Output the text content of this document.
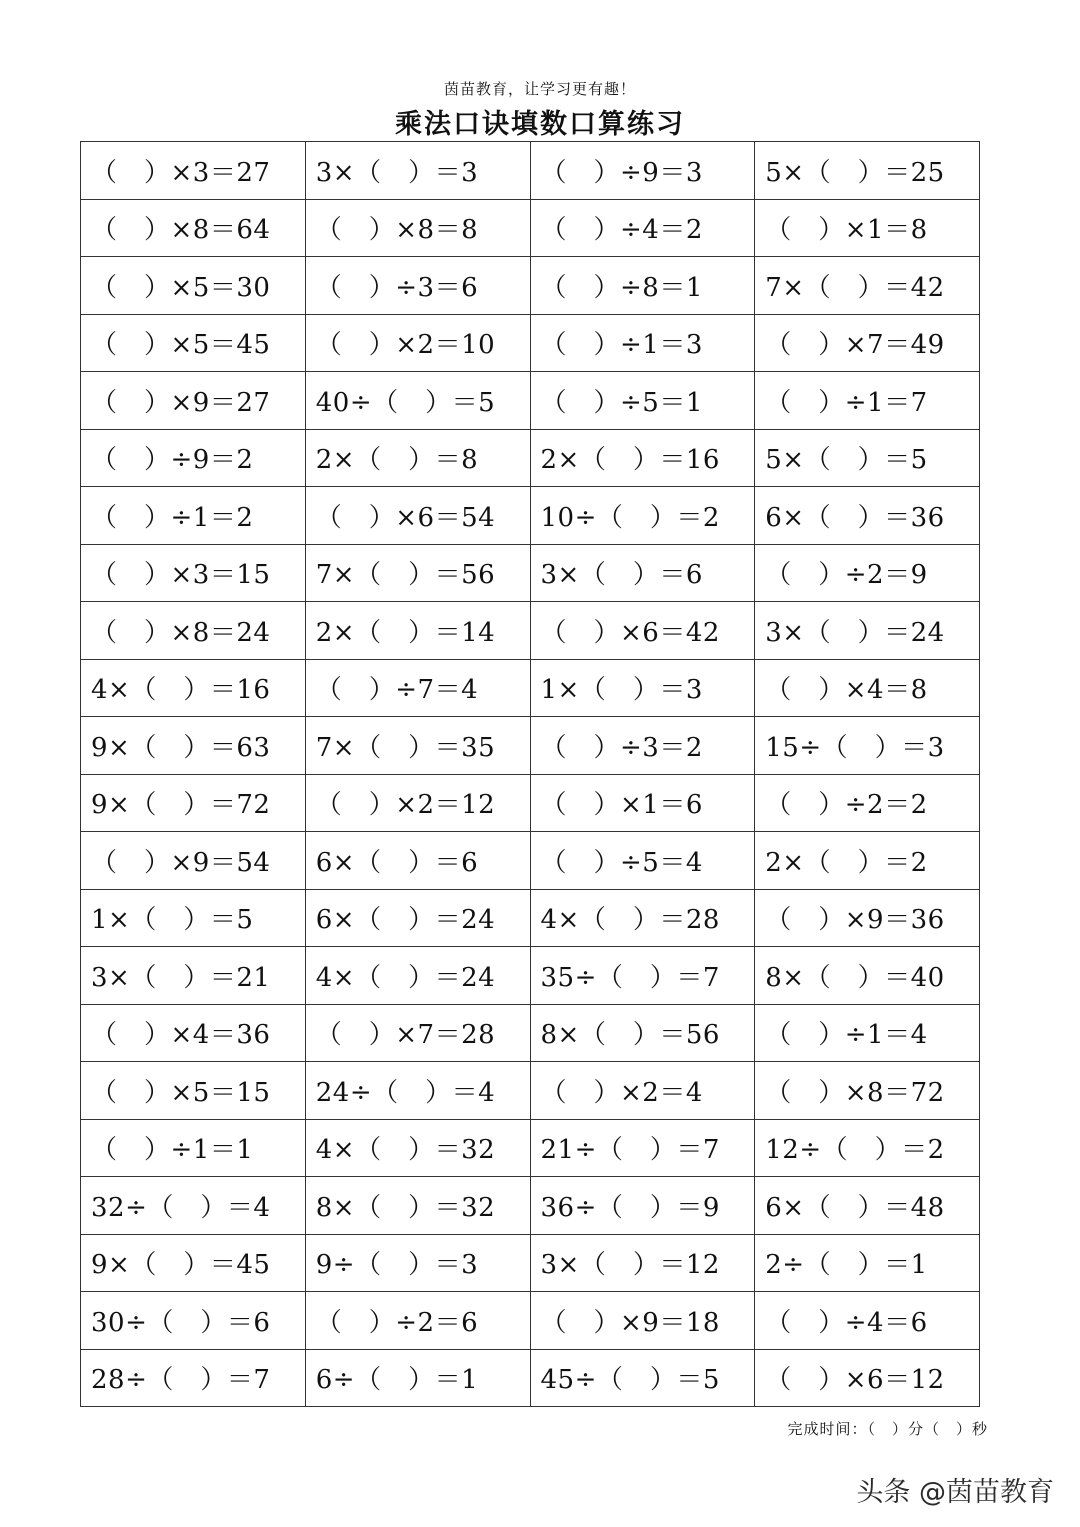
茵苗教育，让学习更有趣！
乘法口诀填数口算练习
（　）×3＝27	3×（　）＝3	（　）÷9＝3	5×（　）＝25
（　）×8＝64	（　）×8＝8	（　）÷4＝2	（　）×1＝8
（　）×5＝30	（　）÷3＝6	（　）÷8＝1	7×（　）＝42
（　）×5＝45	（　）×2＝10	（　）÷1＝3	（　）×7＝49
（　）×9＝27	40÷（　）＝5	（　）÷5＝1	（　）÷1＝7
（　）÷9＝2	2×（　）＝8	2×（　）＝16	5×（　）＝5
（　）÷1＝2	（　）×6＝54	10÷（　）＝2	6×（　）＝36
（　）×3＝15	7×（　）＝56	3×（　）＝6	（　）÷2＝9
（　）×8＝24	2×（　）＝14	（　）×6＝42	3×（　）＝24
4×（　）＝16	（　）÷7＝4	1×（　）＝3	（　）×4＝8
9×（　）＝63	7×（　）＝35	（　）÷3＝2	15÷（　）＝3
9×（　）＝72	（　）×2＝12	（　）×1＝6	（　）÷2＝2
（　）×9＝54	6×（　）＝6	（　）÷5＝4	2×（　）＝2
1×（　）＝5	6×（　）＝24	4×（　）＝28	（　）×9＝36
3×（　）＝21	4×（　）＝24	35÷（　）＝7	8×（　）＝40
（　）×4＝36	（　）×7＝28	8×（　）＝56	（　）÷1＝4
（　）×5＝15	24÷（　）＝4	（　）×2＝4	（　）×8＝72
（　）÷1＝1	4×（　）＝32	21÷（　）＝7	12÷（　）＝2
32÷（　）＝4	8×（　）＝32	36÷（　）＝9	6×（　）＝48
9×（　）＝45	9÷（　）＝3	3×（　）＝12	2÷（　）＝1
30÷（　）＝6	（　）÷2＝6	（　）×9＝18	（　）÷4＝6
28÷（　）＝7	6÷（　）＝1	45÷（　）＝5	（　）×6＝12
完成时间：（　）分（　）秒
头条 @茵苗教育
